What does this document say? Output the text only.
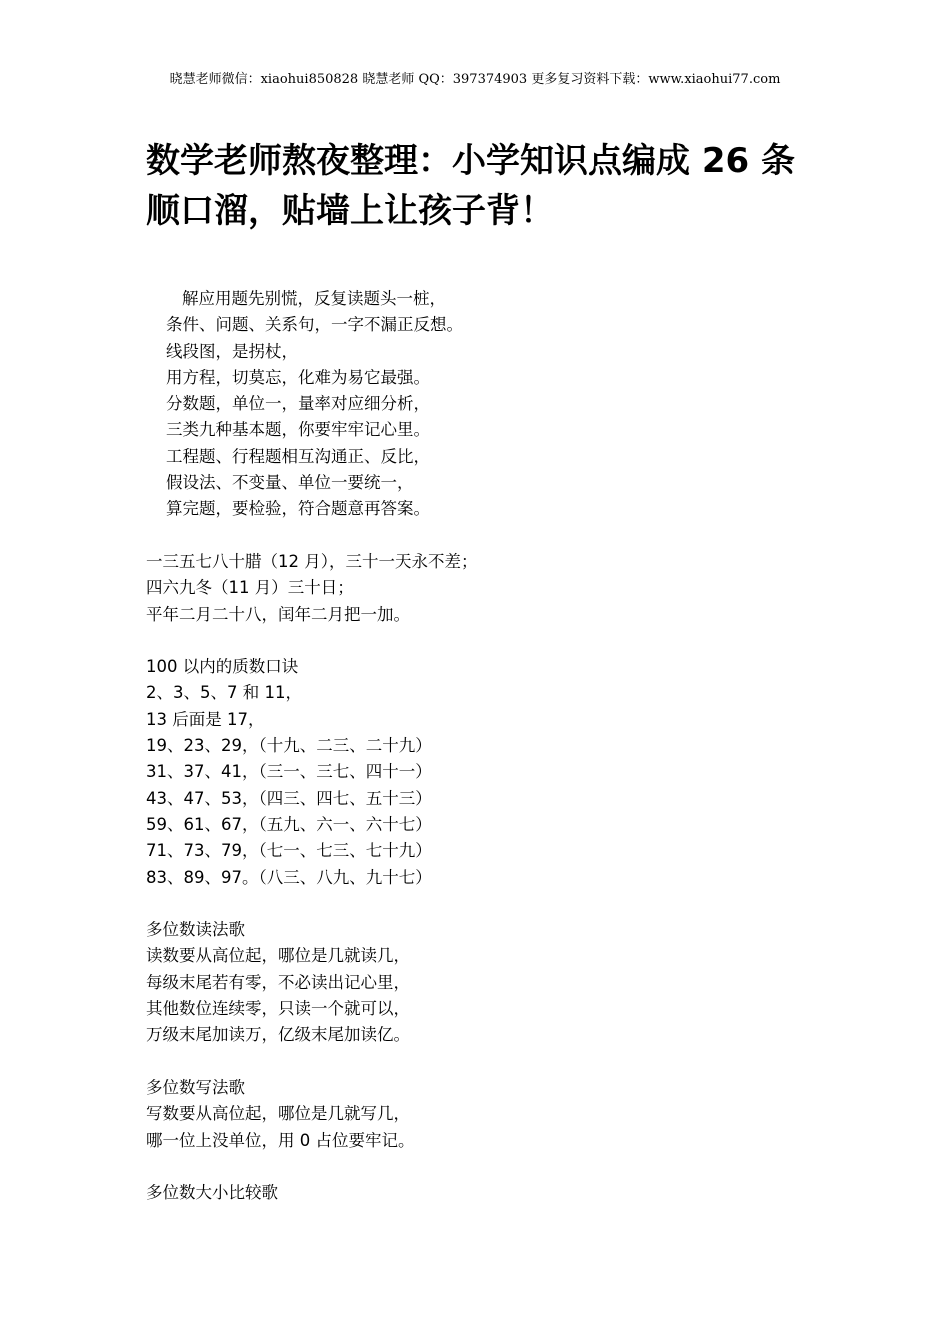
晓慧老师微信：xiaohui850828 晓慧老师 QQ：397374903 更多复习资料下载：www.xiaohui77.com
数学老师熬夜整理：小学知识点编成 26 条
顺口溜，贴墙上让孩子背！
解应用题先别慌，反复读题头一桩，
条件、问题、关系句，一字不漏正反想。
线段图，是拐杖，
用方程，切莫忘，化难为易它最强。
分数题，单位一，量率对应细分析，
三类九种基本题，你要牢牢记心里。
工程题、行程题相互沟通正、反比，
假设法、不变量、单位一要统一，
算完题，要检验，符合题意再答案。
一三五七八十腊（12 月），三十一天永不差；
四六九冬（11 月）三十日；
平年二月二十八，闰年二月把一加。
100 以内的质数口诀
2、3、5、7 和 11，
13 后面是 17，
19、23、29，（十九、二三、二十九）
31、37、41，（三一、三七、四十一）
43、47、53，（四三、四七、五十三）
59、61、67，（五九、六一、六十七）
71、73、79，（七一、七三、七十九）
83、89、97。（八三、八九、九十七）
多位数读法歌
读数要从高位起，哪位是几就读几，
每级末尾若有零，不必读出记心里，
其他数位连续零，只读一个就可以，
万级末尾加读万，亿级末尾加读亿。
多位数写法歌
写数要从高位起，哪位是几就写几，
哪一位上没单位，用 0 占位要牢记。
多位数大小比较歌
